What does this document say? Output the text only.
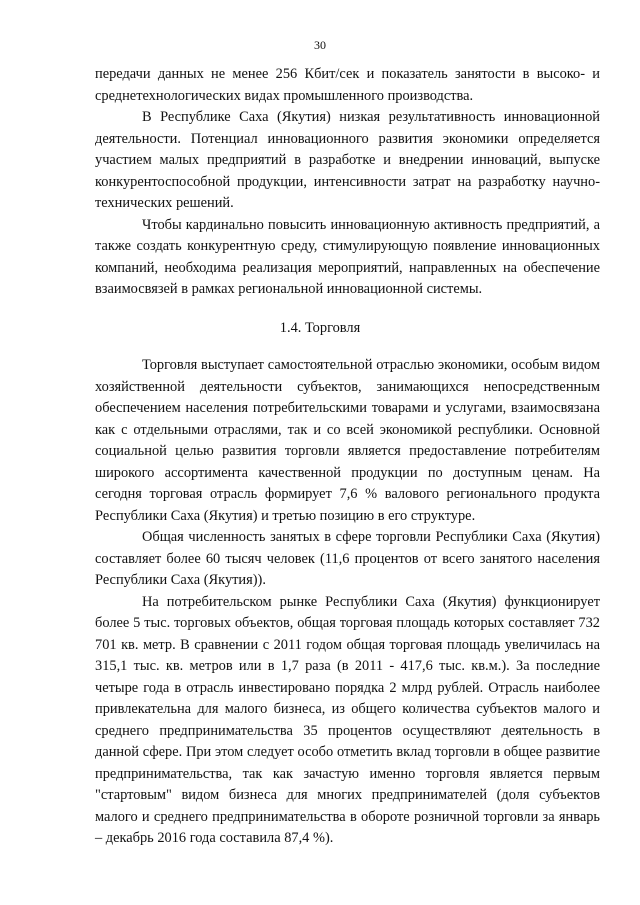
30

передачи данных не менее 256 Кбит/сек и показатель занятости в высоко- и среднетехнологических видах промышленного производства.

В Республике Саха (Якутия) низкая результативность инновационной деятельности. Потенциал инновационного развития экономики определяется участием малых предприятий в разработке и внедрении инноваций, выпуске конкурентоспособной продукции, интенсивности затрат на разработку научно-технических решений.

Чтобы кардинально повысить инновационную активность предприятий, а также создать конкурентную среду, стимулирующую появление инновационных компаний, необходима реализация мероприятий, направленных на обеспечение взаимосвязей в рамках региональной инновационной системы.

1.4. Торговля

Торговля выступает самостоятельной отраслью экономики, особым видом хозяйственной деятельности субъектов, занимающихся непосредственным обеспечением населения потребительскими товарами и услугами, взаимосвязана как с отдельными отраслями, так и со всей экономикой республики. Основной социальной целью развития торговли является предоставление потребителям широкого ассортимента качественной продукции по доступным ценам. На сегодня торговая отрасль формирует 7,6 % валового регионального продукта Республики Саха (Якутия) и третью позицию в его структуре.

Общая численность занятых в сфере торговли Республики Саха (Якутия) составляет более 60 тысяч человек (11,6 процентов от всего занятого населения Республики Саха (Якутия)).

На потребительском рынке Республики Саха (Якутия) функционирует более 5 тыс. торговых объектов, общая торговая площадь которых составляет 732 701 кв. метр. В сравнении с 2011 годом общая торговая площадь увеличилась на 315,1 тыс. кв. метров или в 1,7 раза (в 2011 - 417,6 тыс. кв.м.). За последние четыре года в отрасль инвестировано порядка 2 млрд рублей. Отрасль наиболее привлекательна для малого бизнеса, из общего количества субъектов малого и среднего предпринимательства 35 процентов осуществляют деятельность в данной сфере. При этом следует особо отметить вклад торговли в общее развитие предпринимательства, так как зачастую именно торговля является первым "стартовым" видом бизнеса для многих предпринимателей (доля субъектов малого и среднего предпринимательства в обороте розничной торговли за январь – декабрь 2016 года составила 87,4 %).
